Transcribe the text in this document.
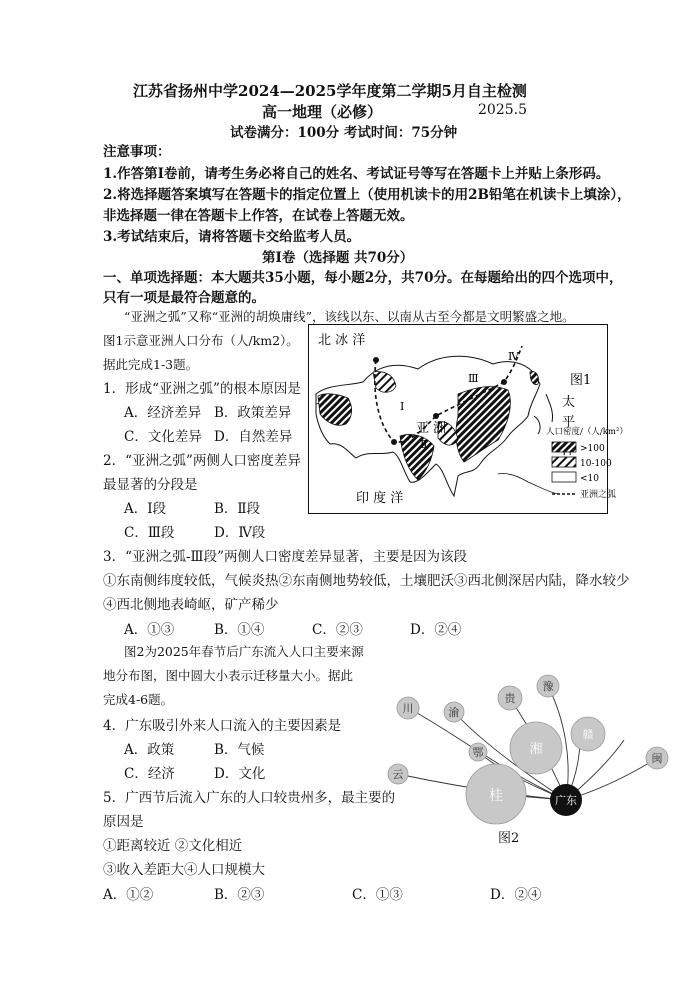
江苏省扬州中学2024—2025学年度第二学期5月自主检测
高一地理（必修）	2025.5
试卷满分：100分 考试时间：75分钟
注意事项：
1.作答第Ⅰ卷前，请考生务必将自己的姓名、考试证号等写在答题卡上并贴上条形码。
2.将选择题答案填写在答题卡的指定位置上（使用机读卡的用2B铅笔在机读卡上填涂），
非选择题一律在答题卡上作答，在试卷上答题无效。
3.考试结束后，请将答题卡交给监考人员。
第Ⅰ卷（选择题 共70分）
一、单项选择题：本大题共35小题，每小题2分，共70分。在每题给出的四个选项中，
只有一项是最符合题意的。
“亚洲之弧”又称“亚洲的胡焕庸线”，该线以东、以南从古至今都是文明繁盛之地。
图1示意亚洲人口分布（人/km2）。
据此完成1-3题。
北 冰 洋
印 度 洋
亚 洲
Ⅰ
Ⅱ
Ⅲ
Ⅳ
太
平
图1
人口密度/（人/km²）
>100
10-100
<10
亚洲之弧
1．形成“亚洲之弧”的根本原因是
A．经济差异 B．政策差异
C．文化差异 D．自然差异
2．“亚洲之弧”两侧人口密度差异
最显著的分段是
A．Ⅰ段	B．Ⅱ段
C．Ⅲ段	D．Ⅳ段
3．“亚洲之弧-Ⅲ段”两侧人口密度差异显著，主要是因为该段
①东南侧纬度较低，气候炎热②东南侧地势较低，土壤肥沃③西北侧深居内陆，降水较少
④西北侧地表崎岖，矿产稀少
A．①③	B．①④	C．②③	D．②④
图2为2025年春节后广东流入人口主要来源
地分布图，图中圆大小表示迁移量大小。据此
完成4-6题。
4．广东吸引外来人口流入的主要因素是
A．政策	B．气候
C．经济	D．文化
5．广西节后流入广东的人口较贵州多，最主要的
原因是
①距离较近 ②文化相近
③收入差距大④人口规模大
A．①②	B．②③	C．①③	D．②④
川	渝
贵
豫
湘
鄂
赣
闽
桂
云
广东
图2
